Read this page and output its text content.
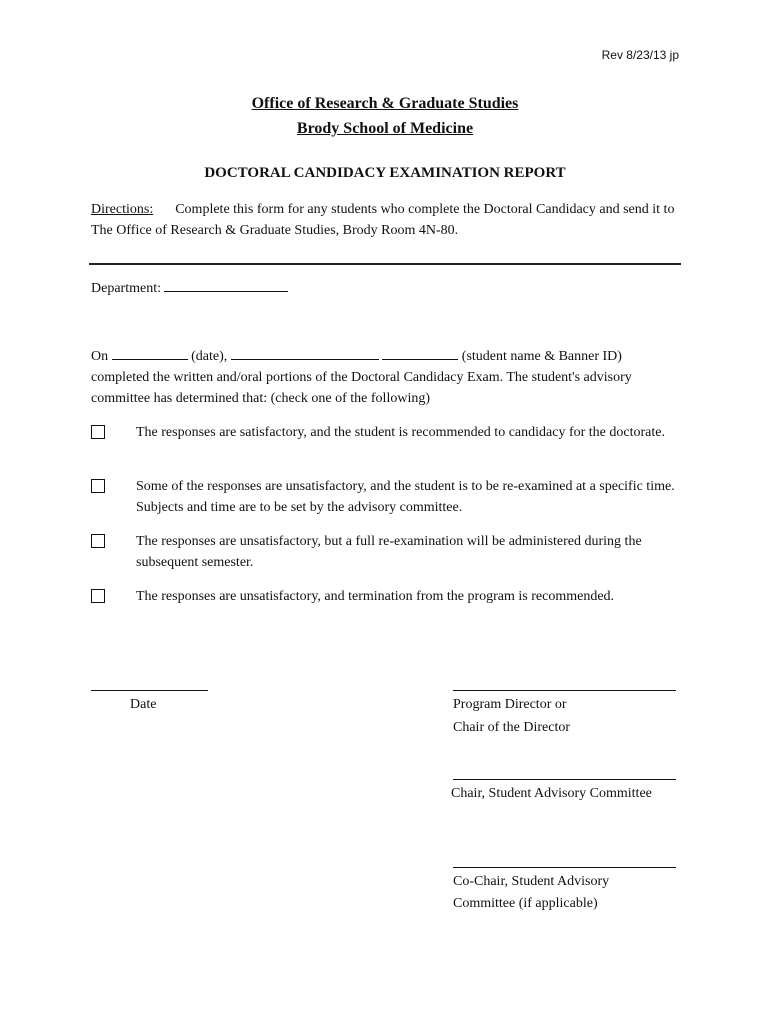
Rev 8/23/13 jp
Office of Research & Graduate Studies
Brody School of Medicine
DOCTORAL CANDIDACY EXAMINATION REPORT
Directions: Complete this form for any students who complete the Doctoral Candidacy and send it to The Office of Research & Graduate Studies, Brody Room 4N-80.
Department:
On	(date),	(student name & Banner ID) completed the written and/oral portions of the Doctoral Candidacy Exam. The student's advisory committee has determined that: (check one of the following)
The responses are satisfactory, and the student is recommended to candidacy for the doctorate.
Some of the responses are unsatisfactory, and the student is to be re-examined at a specific time. Subjects and time are to be set by the advisory committee.
The responses are unsatisfactory, but a full re-examination will be administered during the subsequent semester.
The responses are unsatisfactory, and termination from the program is recommended.
Date	Program Director or
Chair of the Director
Chair, Student Advisory Committee
Co-Chair, Student Advisory
Committee (if applicable)
